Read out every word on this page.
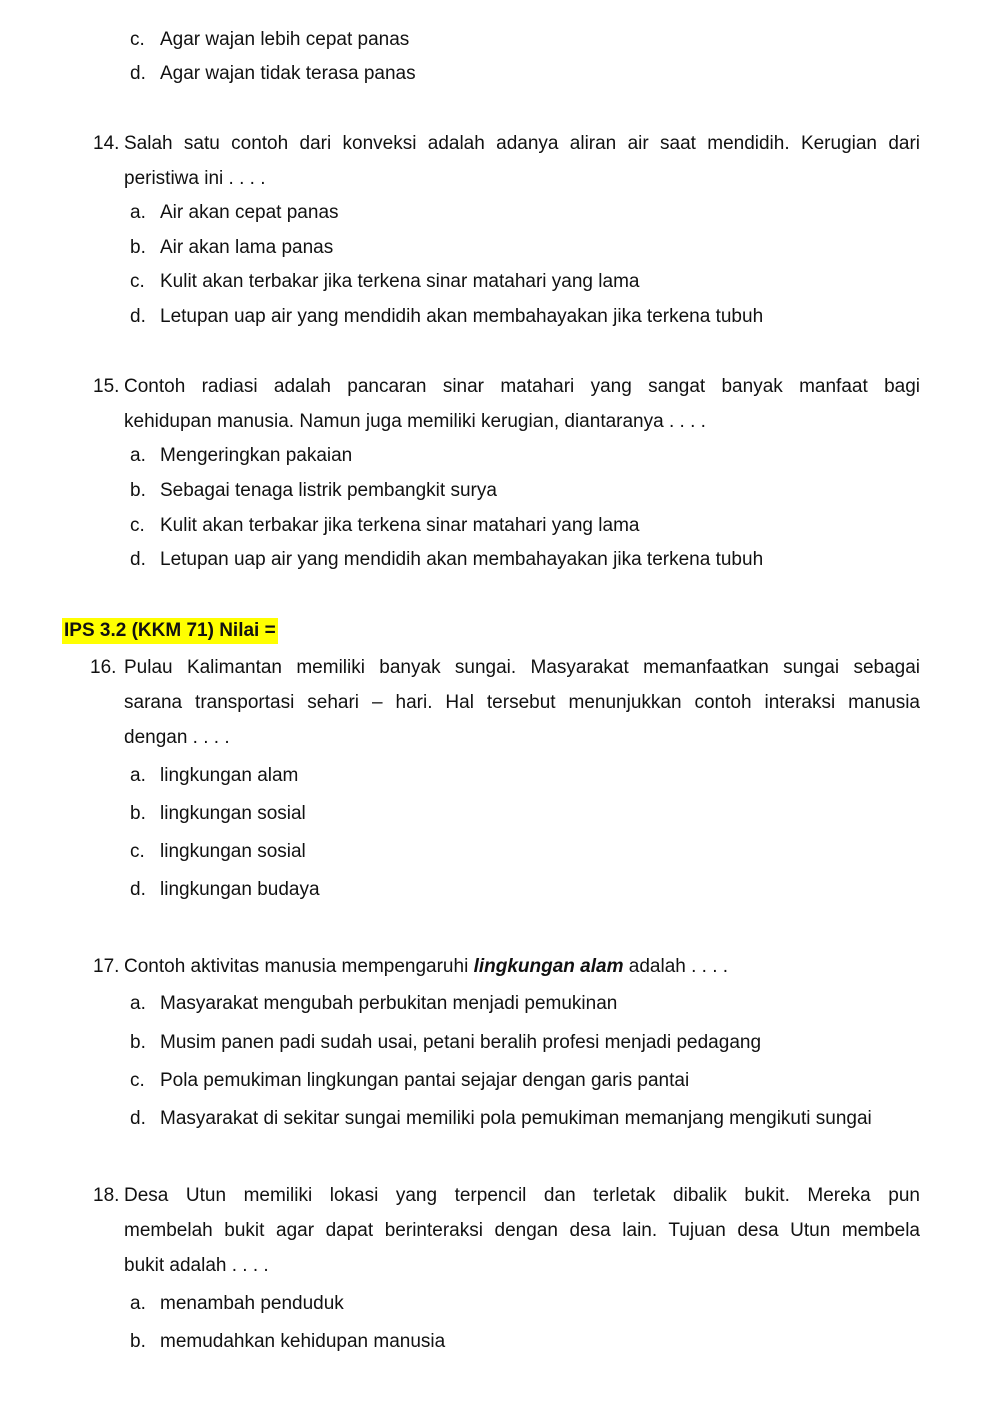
c. Agar wajan lebih cepat panas
d. Agar wajan tidak terasa panas
14. Salah satu contoh dari konveksi adalah adanya aliran air saat mendidih. Kerugian dari
peristiwa ini . . . .
a. Air akan cepat panas
b. Air akan lama panas
c. Kulit akan terbakar jika terkena sinar matahari yang lama
d. Letupan uap air yang mendidih akan membahayakan jika terkena tubuh
15. Contoh radiasi adalah pancaran sinar matahari yang sangat banyak manfaat bagi
kehidupan manusia. Namun juga memiliki kerugian, diantaranya . . . .
a. Mengeringkan pakaian
b. Sebagai tenaga listrik pembangkit surya
c. Kulit akan terbakar jika terkena sinar matahari yang lama
d. Letupan uap air yang mendidih akan membahayakan jika terkena tubuh
IPS 3.2 (KKM 71) Nilai =
16. Pulau Kalimantan memiliki banyak sungai. Masyarakat memanfaatkan sungai sebagai
sarana transportasi sehari – hari. Hal tersebut menunjukkan contoh interaksi manusia
dengan . . . .
a. lingkungan alam
b. lingkungan sosial
c. lingkungan sosial
d. lingkungan budaya
17. Contoh aktivitas manusia mempengaruhi lingkungan alam adalah . . . .
a. Masyarakat mengubah perbukitan menjadi pemukinan
b. Musim panen padi sudah usai, petani beralih profesi menjadi pedagang
c. Pola pemukiman lingkungan pantai sejajar dengan garis pantai
d. Masyarakat di sekitar sungai memiliki pola pemukiman memanjang mengikuti sungai
18. Desa Utun memiliki lokasi yang terpencil dan terletak dibalik bukit. Mereka pun
membelah bukit agar dapat berinteraksi dengan desa lain. Tujuan desa Utun membela
bukit adalah . . . .
a. menambah penduduk
b. memudahkan kehidupan manusia
